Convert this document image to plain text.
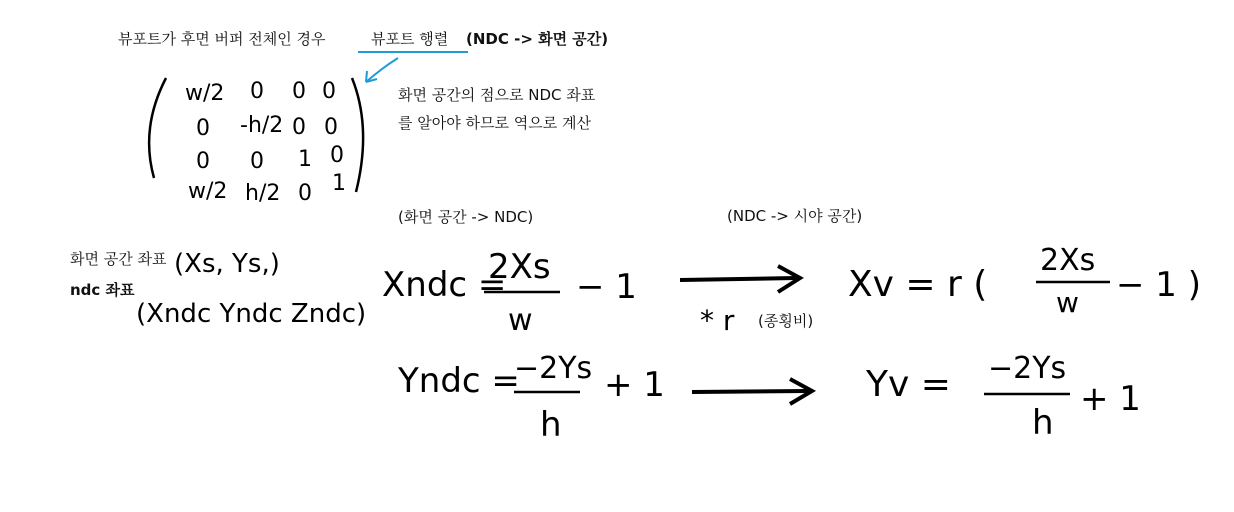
뷰포트가 후면 버퍼 전체인 경우	뷰포트 행렬 (NDC -> 화면 공간)
화면 공간의 점으로 NDC 좌표
를 알아야 하므로 역으로 계산
(화면 공간 -> NDC)	(NDC -> 시야 공간)
화면 공간 좌표
ndc 좌표
(종횡비)
w/2 0 0 0
0 -h/2 0 0
0 0 1 0
w/2 h/2 0 1
(Xs, Ys,)
(Xndc Yndc Zndc)
Xndc =
2Xs
w
− 1
* r
Xv = r (
2Xs
w − 1 )
Yndc =
−2Ys
h
+ 1	Yv = −2Ys
h
+ 1
